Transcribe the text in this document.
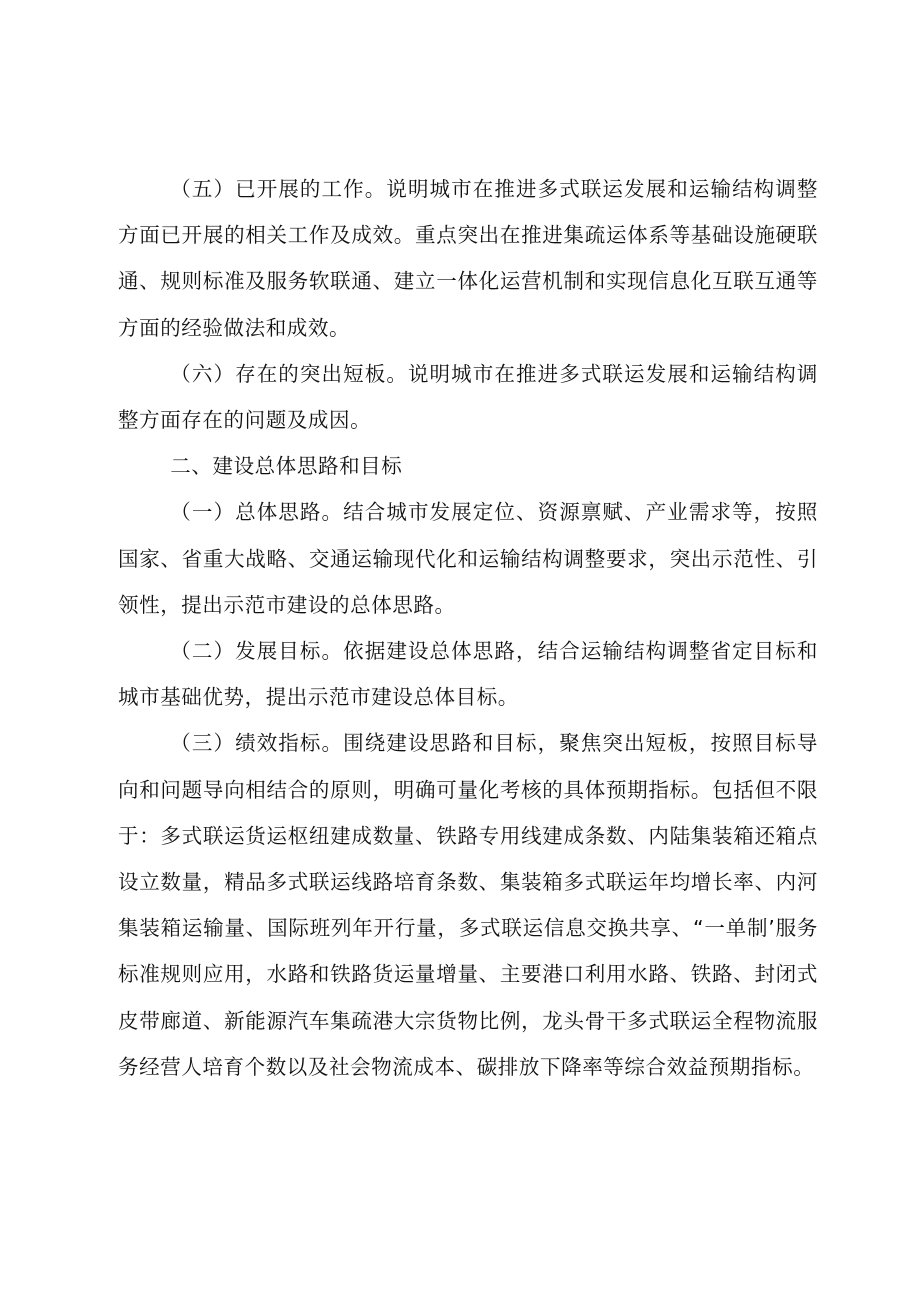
（五）已开展的工作。说明城市在推进多式联运发展和运输结构调整方面已开展的相关工作及成效。重点突出在推进集疏运体系等基础设施硬联通、规则标准及服务软联通、建立一体化运营机制和实现信息化互联互通等方面的经验做法和成效。

（六）存在的突出短板。说明城市在推进多式联运发展和运输结构调整方面存在的问题及成因。

二、建设总体思路和目标

（一）总体思路。结合城市发展定位、资源禀赋、产业需求等，按照国家、省重大战略、交通运输现代化和运输结构调整要求，突出示范性、引领性，提出示范市建设的总体思路。

（二）发展目标。依据建设总体思路，结合运输结构调整省定目标和城市基础优势，提出示范市建设总体目标。

（三）绩效指标。围绕建设思路和目标，聚焦突出短板，按照目标导向和问题导向相结合的原则，明确可量化考核的具体预期指标。包括但不限于：多式联运货运枢纽建成数量、铁路专用线建成条数、内陆集装箱还箱点设立数量，精品多式联运线路培育条数、集装箱多式联运年均增长率、内河集装箱运输量、国际班列年开行量，多式联运信息交换共享、“一单制’服务标准规则应用，水路和铁路货运量增量、主要港口利用水路、铁路、封闭式皮带廊道、新能源汽车集疏港大宗货物比例，龙头骨干多式联运全程物流服务经营人培育个数以及社会物流成本、碳排放下降率等综合效益预期指标。
